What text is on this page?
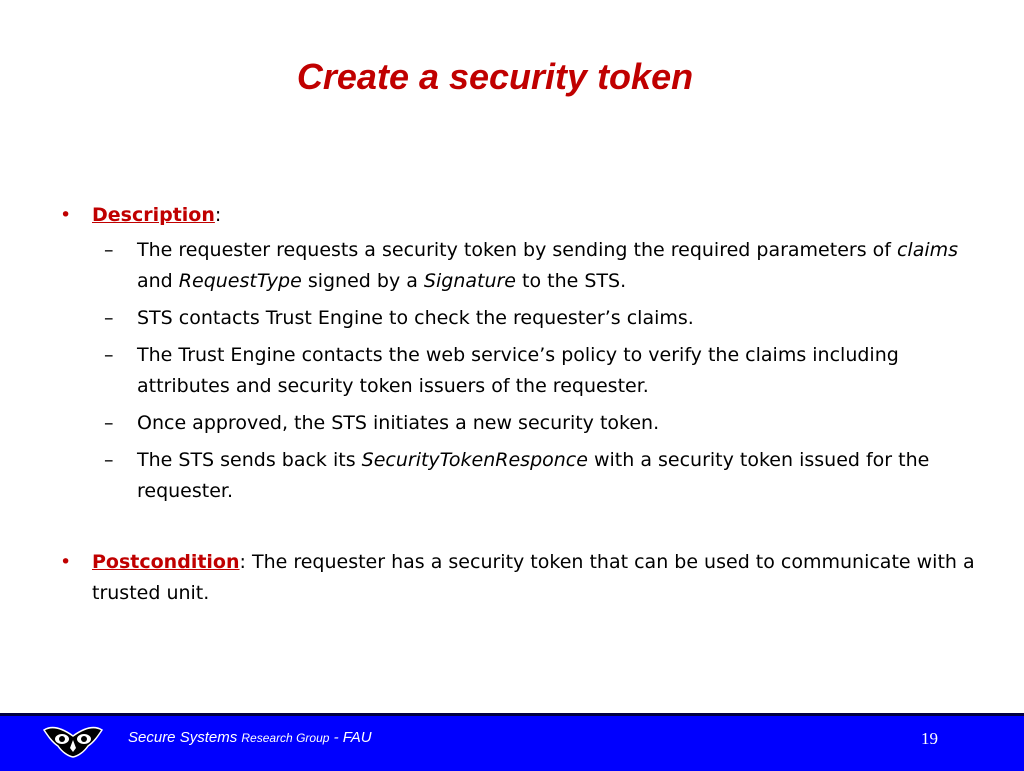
Create a security token
• Description:
– The requester requests a security token by sending the required parameters of claims and RequestType signed by a Signature to the STS.
– STS contacts Trust Engine to check the requester’s claims.
– The Trust Engine contacts the web service’s policy to verify the claims including attributes and security token issuers of the requester.
– Once approved, the STS initiates a new security token.
– The STS sends back its SecurityTokenResponce with a security token issued for the requester.
• Postcondition: The requester has a security token that can be used to communicate with a trusted unit.
Secure Systems Research Group - FAU	19
